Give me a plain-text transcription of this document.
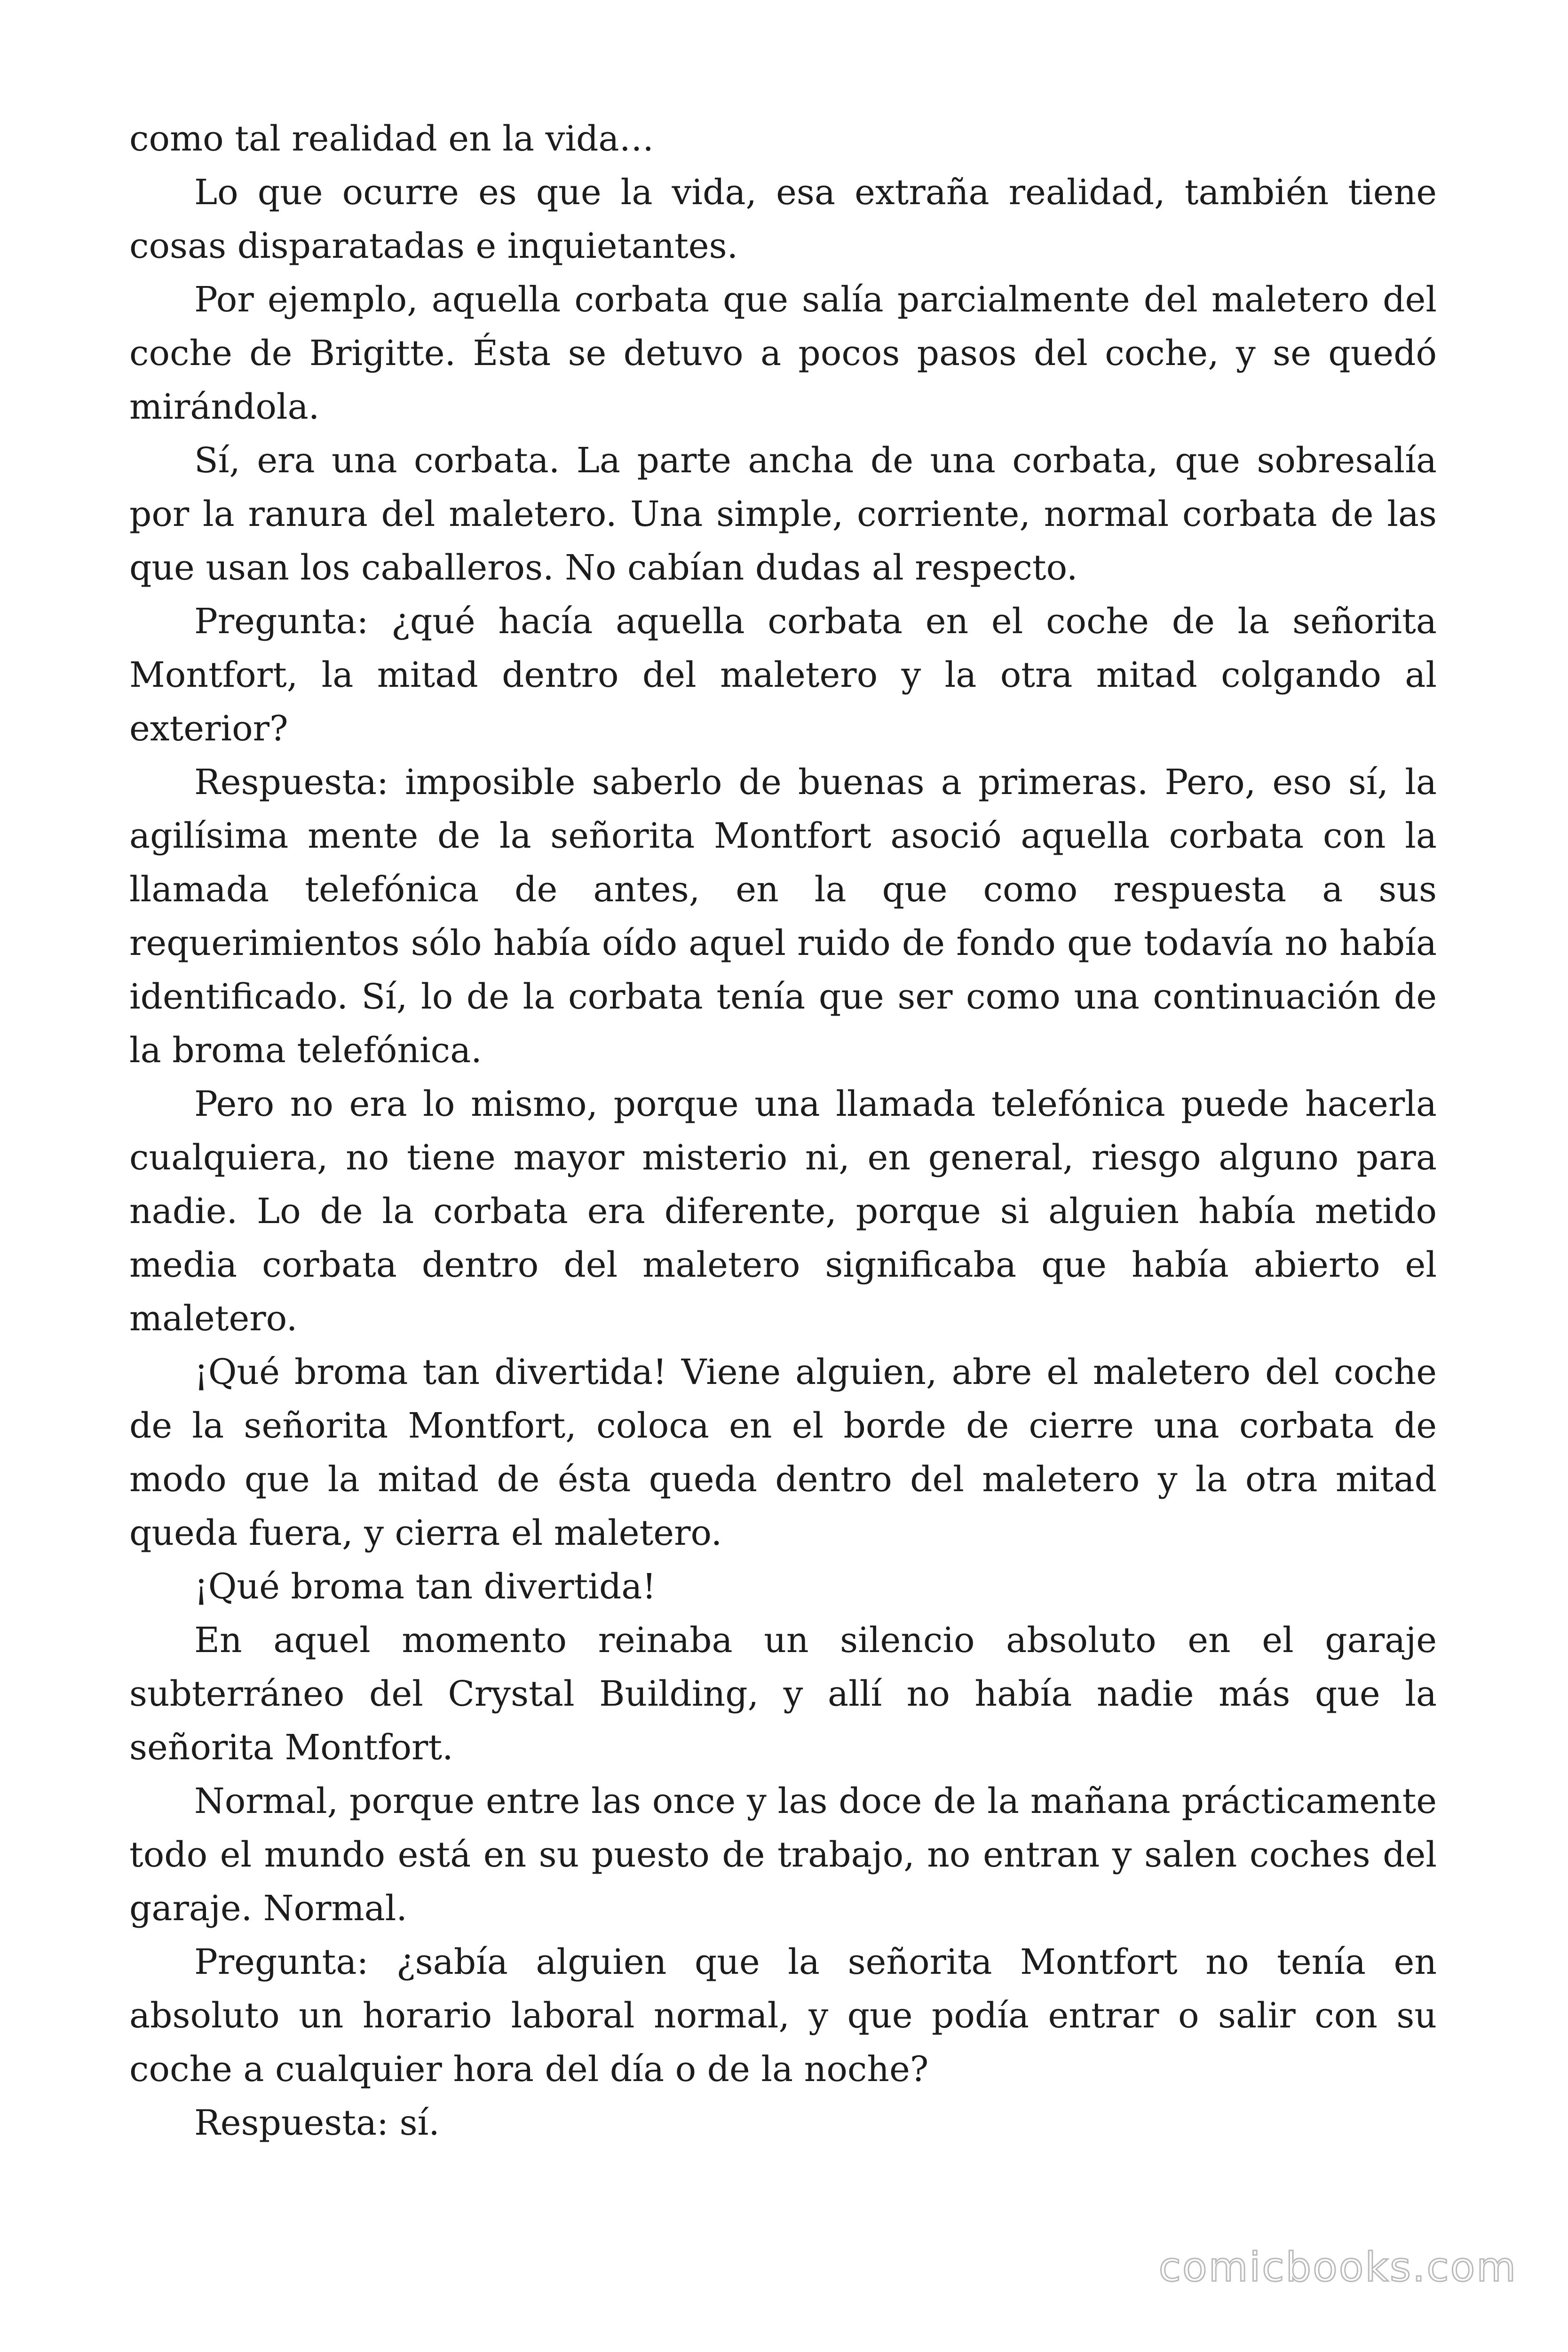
como tal realidad en la vida…

Lo que ocurre es que la vida, esa extraña realidad, también tiene cosas disparatadas e inquietantes.

Por ejemplo, aquella corbata que salía parcialmente del maletero del coche de Brigitte. Ésta se detuvo a pocos pasos del coche, y se quedó mirándola.

Sí, era una corbata. La parte ancha de una corbata, que sobresalía por la ranura del maletero. Una simple, corriente, normal corbata de las que usan los caballeros. No cabían dudas al respecto.

Pregunta: ¿qué hacía aquella corbata en el coche de la señorita Montfort, la mitad dentro del maletero y la otra mitad colgando al exterior?

Respuesta: imposible saberlo de buenas a primeras. Pero, eso sí, la agilísima mente de la señorita Montfort asoció aquella corbata con la llamada telefónica de antes, en la que como respuesta a sus requerimientos sólo había oído aquel ruido de fondo que todavía no había identificado. Sí, lo de la corbata tenía que ser como una continuación de la broma telefónica.

Pero no era lo mismo, porque una llamada telefónica puede hacerla cualquiera, no tiene mayor misterio ni, en general, riesgo alguno para nadie. Lo de la corbata era diferente, porque si alguien había metido media corbata dentro del maletero significaba que había abierto el maletero.

¡Qué broma tan divertida! Viene alguien, abre el maletero del coche de la señorita Montfort, coloca en el borde de cierre una corbata de modo que la mitad de ésta queda dentro del maletero y la otra mitad queda fuera, y cierra el maletero.

¡Qué broma tan divertida!

En aquel momento reinaba un silencio absoluto en el garaje subterráneo del Crystal Building, y allí no había nadie más que la señorita Montfort.

Normal, porque entre las once y las doce de la mañana prácticamente todo el mundo está en su puesto de trabajo, no entran y salen coches del garaje. Normal.

Pregunta: ¿sabía alguien que la señorita Montfort no tenía en absoluto un horario laboral normal, y que podía entrar o salir con su coche a cualquier hora del día o de la noche?

Respuesta: sí.

comicbooks.com
